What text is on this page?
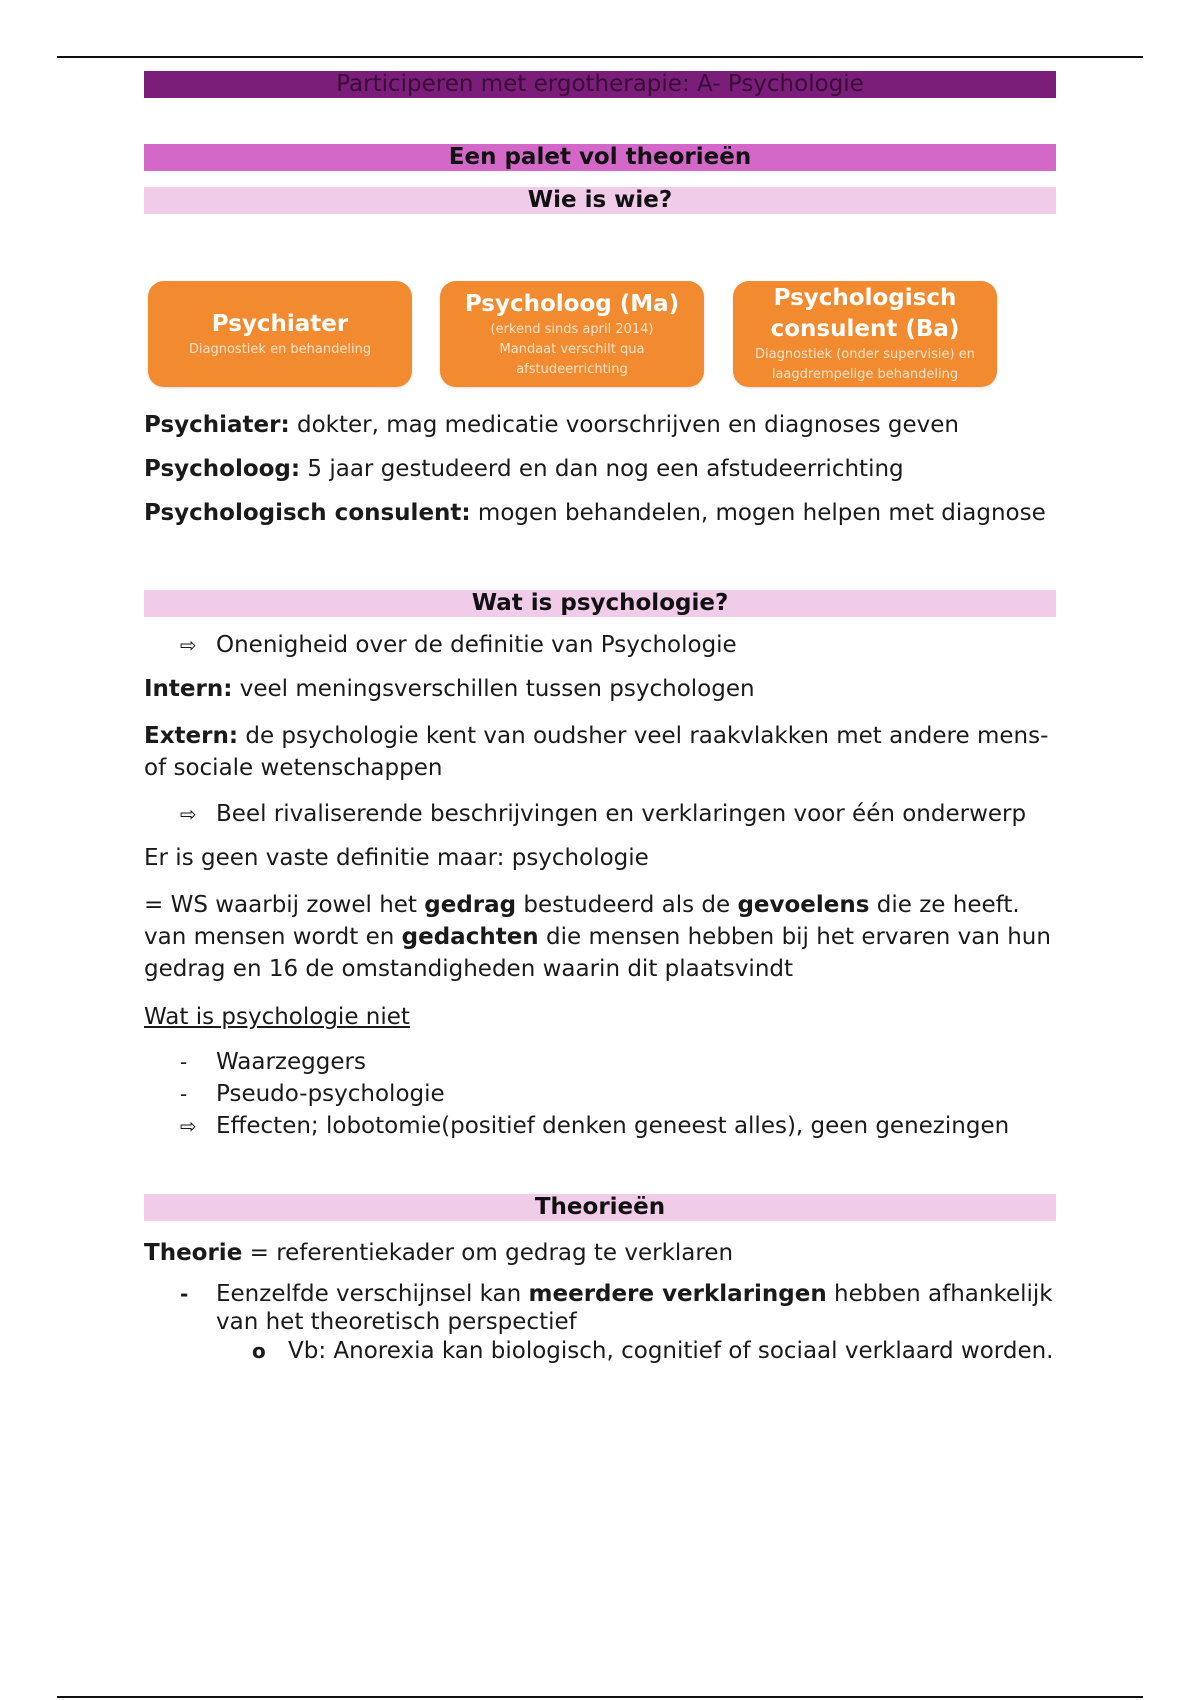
Participeren met ergotherapie: A- Psychologie
Een palet vol theorieën
Wie is wie?
Psychiater
Diagnostiek en behandeling
Psycholoog (Ma)
(erkend sinds april 2014)
Mandaat verschilt qua
afstudeerrichting
Psychologisch
consulent (Ba)
Diagnostiek (onder supervisie) en
laagdrempelige behandeling

Psychiater: dokter, mag medicatie voorschrijven en diagnoses geven

Psycholoog: 5 jaar gestudeerd en dan nog een afstudeerrichting

Psychologisch consulent: mogen behandelen, mogen helpen met diagnose

Wat is psychologie?
⇨ Onenigheid over de definitie van Psychologie

Intern: veel meningsverschillen tussen psychologen

Extern: de psychologie kent van oudsher veel raakvlakken met andere mens- of sociale wetenschappen

⇨ Beel rivaliserende beschrijvingen en verklaringen voor één onderwerp

Er is geen vaste definitie maar: psychologie

= WS waarbij zowel het gedrag bestudeerd als de gevoelens die ze heeft. van mensen wordt en gedachten die mensen hebben bij het ervaren van hun gedrag en 16 de omstandigheden waarin dit plaatsvindt

Wat is psychologie niet

-	Waarzeggers
-	Pseudo-psychologie
⇨ Effecten; lobotomie(positief denken geneest alles), geen genezingen
Theorieën

Theorie = referentiekader om gedrag te verklaren

-	Eenzelfde verschijnsel kan meerdere verklaringen hebben afhankelijk van het theoretisch perspectief
o Vb: Anorexia kan biologisch, cognitief of sociaal verklaard worden.
